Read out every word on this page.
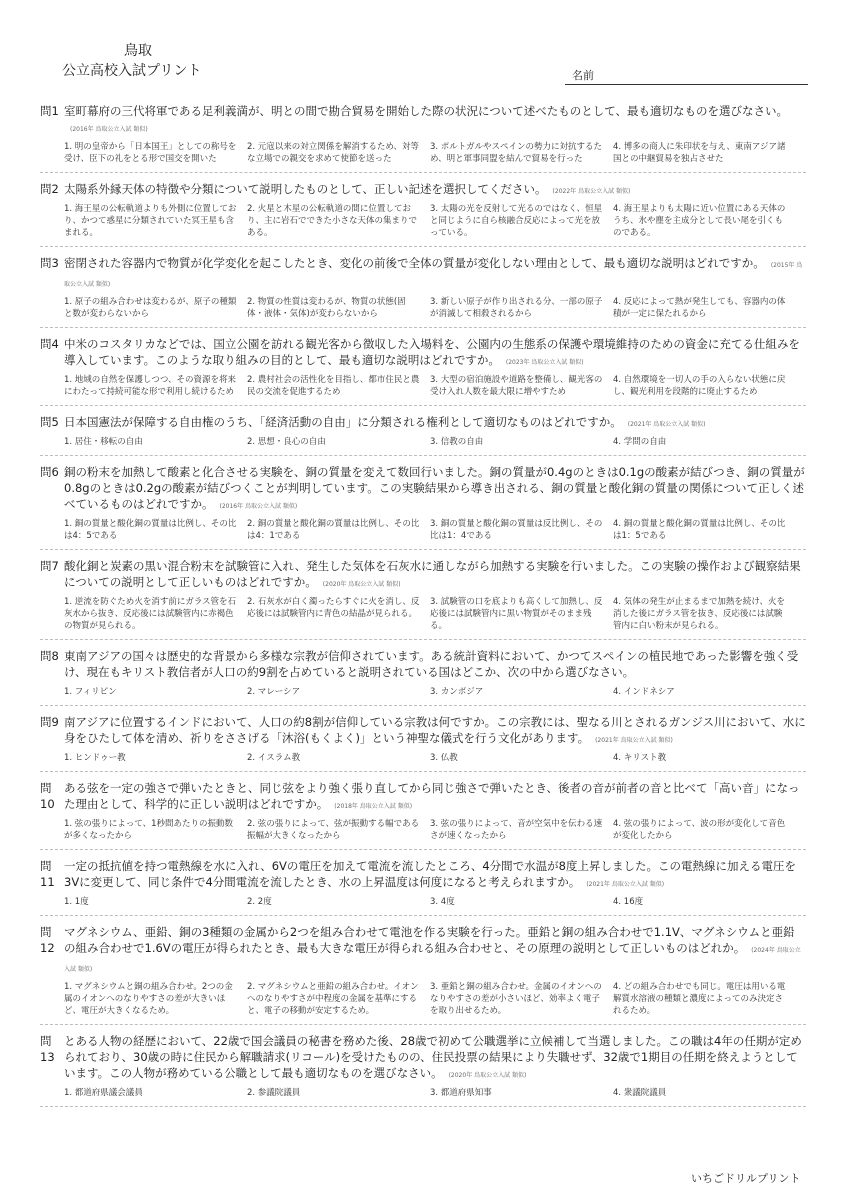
鳥取
公立高校入試プリント	名前
問1 室町幕府の三代将軍である足利義満が、明との間で勘合貿易を開始した際の状況について述べたものとして、最も適切なものを選びなさい。(2016年 鳥取公立入試 類似)
1. 明の皇帝から「日本国王」としての称号を受け、臣下の礼をとる形で国交を開いた
2. 元寇以来の対立関係を解消するため、対等な立場での親交を求めて使節を送った
3. ポルトガルやスペインの勢力に対抗するため、明と軍事同盟を結んで貿易を行った
4. 博多の商人に朱印状を与え、東南アジア諸国との中継貿易を独占させた
問2 太陽系外縁天体の特徴や分類について説明したものとして、正しい記述を選択してください。 (2022年 鳥取公立入試 類似)
1. 海王星の公転軌道よりも外側に位置しており、かつて惑星に分類されていた冥王星も含まれる。
2. 火星と木星の公転軌道の間に位置しており、主に岩石でできた小さな天体の集まりである。
3. 太陽の光を反射して光るのではなく、恒星と同じように自ら核融合反応によって光を放っている。
4. 海王星よりも太陽に近い位置にある天体のうち、氷や塵を主成分として長い尾を引くものである。
問3 密閉された容器内で物質が化学変化を起こしたとき、変化の前後で全体の質量が変化しない理由として、最も適切な説明はどれですか。 (2015年 鳥取公立入試 類似)
1. 原子の組み合わせは変わるが、原子の種類と数が変わらないから
2. 物質の性質は変わるが、物質の状態(固体・液体・気体)が変わらないから
3. 新しい原子が作り出される分、一部の原子が消滅して相殺されるから
4. 反応によって熱が発生しても、容器内の体積が一定に保たれるから
問4 中米のコスタリカなどでは、国立公園を訪れる観光客から徴収した入場料を、公園内の生態系の保護や環境維持のための資金に充てる仕組みを導入しています。このような取り組みの目的として、最も適切な説明はどれですか。 (2023年 鳥取公立入試 類似)
1. 地域の自然を保護しつつ、その資源を将来にわたって持続可能な形で利用し続けるため
2. 農村社会の活性化を目指し、都市住民と農民の交流を促進するため
3. 大型の宿泊施設や道路を整備し、観光客の受け入れ人数を最大限に増やすため
4. 自然環境を一切人の手の入らない状態に戻し、観光利用を段階的に廃止するため
問5 日本国憲法が保障する自由権のうち、「経済活動の自由」に分類される権利として適切なものはどれですか。 (2021年 鳥取公立入試 類似)
1. 居住・移転の自由	2. 思想・良心の自由	3. 信教の自由	4. 学問の自由
問6 銅の粉末を加熱して酸素と化合させる実験を、銅の質量を変えて数回行いました。銅の質量が0.4gのときは0.1gの酸素が結びつき、銅の質量が0.8gのときは0.2gの酸素が結びつくことが判明しています。この実験結果から導き出される、銅の質量と酸化銅の質量の関係について正しく述べているものはどれですか。 (2016年 鳥取公立入試 類似)
1. 銅の質量と酸化銅の質量は比例し、その比は4：5である
2. 銅の質量と酸化銅の質量は比例し、その比は4：1である
3. 銅の質量と酸化銅の質量は反比例し、その比は1：4である
4. 銅の質量と酸化銅の質量は比例し、その比は1：5である
問7 酸化銅と炭素の黒い混合粉末を試験管に入れ、発生した気体を石灰水に通しながら加熱する実験を行いました。この実験の操作および観察結果についての説明として正しいものはどれですか。 (2020年 鳥取公立入試 類似)
1. 逆流を防ぐため火を消す前にガラス管を石灰水から抜き、反応後には試験管内に赤褐色の物質が見られる。
2. 石灰水が白く濁ったらすぐに火を消し、反応後には試験管内に青色の結晶が見られる。
3. 試験管の口を底よりも高くして加熱し、反応後には試験管内に黒い物質がそのまま残る。
4. 気体の発生が止まるまで加熱を続け、火を消した後にガラス管を抜き、反応後には試験管内に白い粉末が見られる。
問8 東南アジアの国々は歴史的な背景から多様な宗教が信仰されています。ある統計資料において、かつてスペインの植民地であった影響を強く受け、現在もキリスト教信者が人口の約9割を占めていると説明されている国はどこか、次の中から選びなさい。
1. フィリピン	2. マレーシア	3. カンボジア	4. インドネシア
問9 南アジアに位置するインドにおいて、人口の約8割が信仰している宗教は何ですか。この宗教には、聖なる川とされるガンジス川において、水に身をひたして体を清め、祈りをささげる「沐浴(もくよく)」という神聖な儀式を行う文化があります。 (2021年 鳥取公立入試 類似)
1. ヒンドゥー教	2. イスラム教	3. 仏教	4. キリスト教
問10
ある弦を一定の強さで弾いたときと、同じ弦をより強く張り直してから同じ強さで弾いたとき、後者の音が前者の音と比べて「高い音」になった理由として、科学的に正しい説明はどれですか。 (2018年 鳥取公立入試 類似)
1. 弦の張りによって、1秒間あたりの振動数が多くなったから
2. 弦の張りによって、弦が振動する幅である振幅が大きくなったから
3. 弦の張りによって、音が空気中を伝わる速さが速くなったから
4. 弦の張りによって、波の形が変化して音色が変化したから
問11
一定の抵抗値を持つ電熱線を水に入れ、6Vの電圧を加えて電流を流したところ、4分間で水温が8度上昇しました。この電熱線に加える電圧を3Vに変更して、同じ条件で4分間電流を流したとき、水の上昇温度は何度になると考えられますか。 (2021年 鳥取公立入試 類似)
1. 1度	2. 2度	3. 4度	4. 16度
問12
マグネシウム、亜鉛、銅の3種類の金属から2つを組み合わせて電池を作る実験を行った。亜鉛と銅の組み合わせで1.1V、マグネシウムと亜鉛の組み合わせで1.6Vの電圧が得られたとき、最も大きな電圧が得られる組み合わせと、その原理の説明として正しいものはどれか。 (2024年 鳥取公立入試 類似)
1. マグネシウムと銅の組み合わせ。2つの金属のイオンへのなりやすさの差が大きいほど、電圧が大きくなるため。
2. マグネシウムと亜鉛の組み合わせ。イオンへのなりやすさが中程度の金属を基準にすると、電子の移動が安定するため。
3. 亜鉛と銅の組み合わせ。金属のイオンへのなりやすさの差が小さいほど、効率よく電子を取り出せるため。
4. どの組み合わせでも同じ。電圧は用いる電解質水溶液の種類と濃度によってのみ決定されるため。
問13
とある人物の経歴において、22歳で国会議員の秘書を務めた後、28歳で初めて公職選挙に立候補して当選しました。この職は4年の任期が定められており、30歳の時に住民から解職請求(リコール)を受けたものの、住民投票の結果により失職せず、32歳で1期目の任期を終えようとしています。この人物が務めている公職として最も適切なものを選びなさい。 (2020年 鳥取公立入試 類似)
1. 都道府県議会議員	2. 参議院議員	3. 都道府県知事	4. 衆議院議員
いちごドリルプリント
